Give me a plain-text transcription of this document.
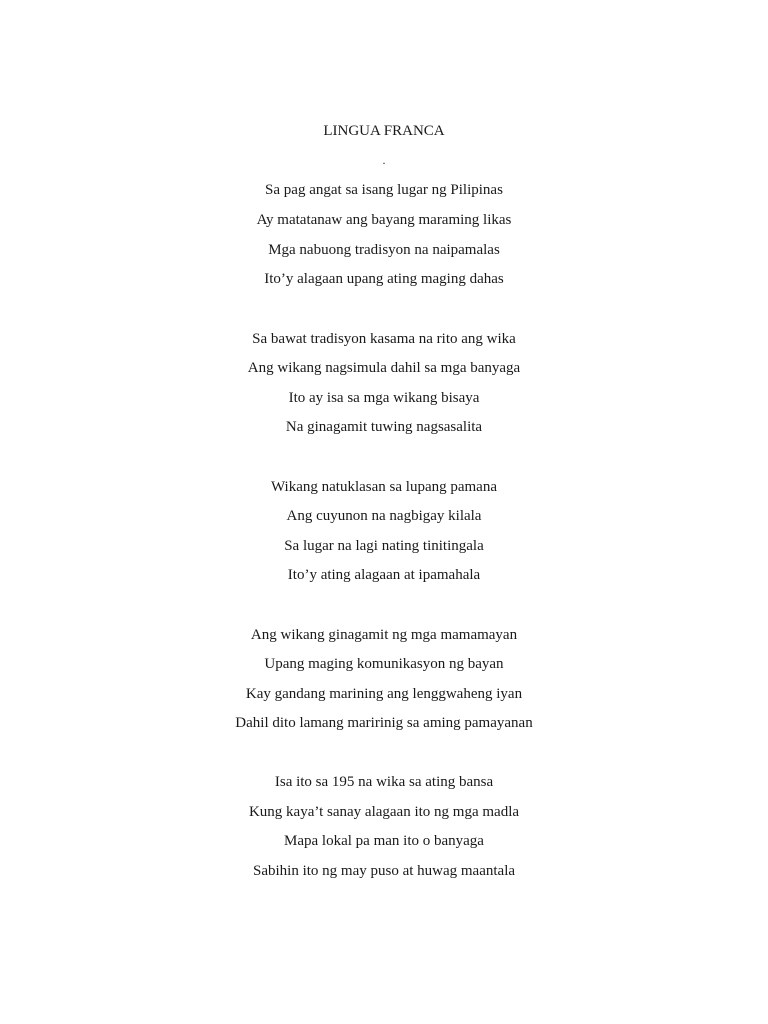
LINGUA FRANCA
.
Sa pag angat sa isang lugar ng Pilipinas
Ay matatanaw ang bayang maraming likas
Mga nabuong tradisyon na naipamalas
Ito’y alagaan upang ating maging dahas
Sa bawat tradisyon kasama na rito ang wika
Ang wikang nagsimula dahil sa mga banyaga
Ito ay isa sa mga wikang bisaya
Na ginagamit tuwing nagsasalita
Wikang natuklasan sa lupang pamana
Ang cuyunon na nagbigay kilala
Sa lugar na lagi nating tinitingala
Ito’y ating alagaan at ipamahala
Ang wikang ginagamit ng mga mamamayan
Upang maging komunikasyon ng bayan
Kay gandang marining ang lenggwaheng iyan
Dahil dito lamang maririnig sa aming pamayanan
Isa ito sa 195 na wika sa ating bansa
Kung kaya’t sanay alagaan ito ng mga madla
Mapa lokal pa man ito o banyaga
Sabihin ito ng may puso at huwag maantala
